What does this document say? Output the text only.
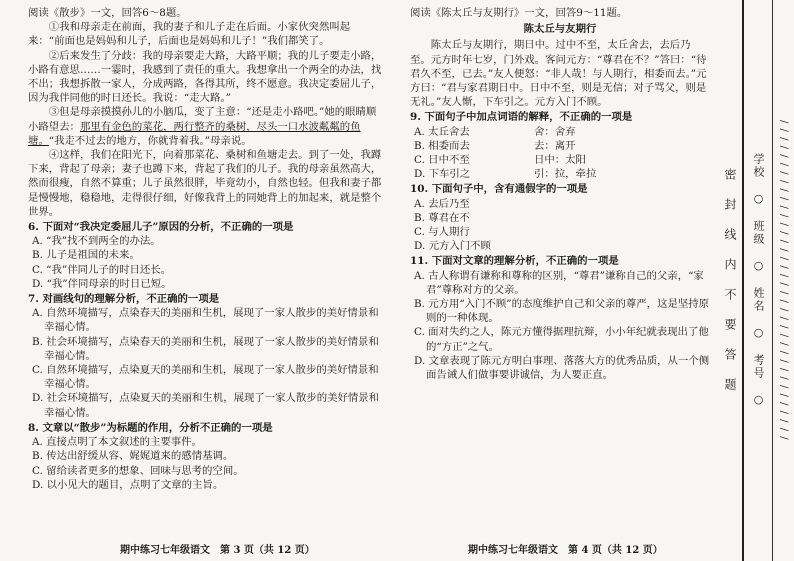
阅读《散步》一文，回答6～8题。

①我和母亲走在前面，我的妻子和儿子走在后面。小家伙突然叫起来：“前面也是妈妈和儿子，后面也是妈妈和儿子！”我们都笑了。

②后来发生了分歧：我的母亲要走大路，大路平顺；我的儿子要走小路，小路有意思……一霎时，我感到了责任的重大。我想拿出一个两全的办法，找不出；我想拆散一家人，分成两路，各得其所，终不愿意。我决定委屈儿子，因为我伴同他的时日还长。我说：“走大路。”

③但是母亲摸摸孙儿的小脑瓜，变了主意：“还是走小路吧。”她的眼睛顺小路望去：那里有金色的菜花，两行整齐的桑树，尽头一口水波粼粼的鱼塘。“我走不过去的地方，你就背着我。”母亲说。

④这样，我们在阳光下，向着那菜花、桑树和鱼塘走去。到了一处，我蹲下来，背起了母亲；妻子也蹲下来，背起了我们的儿子。我的母亲虽然高大，然而很瘦，自然不算重；儿子虽然很胖，毕竟幼小，自然也轻。但我和妻子都是慢慢地，稳稳地，走得很仔细，好像我背上的同她背上的加起来，就是整个世界。

6. 下面对“我决定委屈儿子”原因的分析，不正确的一项是

A. “我”找不到两全的办法。

B. 儿子是祖国的未来。

C. “我”伴同儿子的时日还长。

D. “我”伴同母亲的时日已短。

7. 对画线句的理解分析，不正确的一项是

A. 自然环境描写，点染春天的美丽和生机，展现了一家人散步的美好情景和幸福心情。

B. 社会环境描写，点染春天的美丽和生机，展现了一家人散步的美好情景和幸福心情。

C. 自然环境描写，点染夏天的美丽和生机，展现了一家人散步的美好情景和幸福心情。

D. 社会环境描写，点染夏天的美丽和生机，展现了一家人散步的美好情景和幸福心情。

8. 文章以“散步”为标题的作用，分析不正确的一项是

A. 直接点明了本文叙述的主要事件。

B. 传达出舒缓从容、娓娓道来的感情基调。

C. 留给读者更多的想象、回味与思考的空间。

D. 以小见大的题目，点明了文章的主旨。

阅读《陈太丘与友期行》一文，回答9～11题。

陈太丘与友期行

陈太丘与友期行，期日中。过中不至，太丘舍去，去后乃至。元方时年七岁，门外戏。客问元方：“尊君在不？”答曰：“待君久不至，已去。”友人便怒：“非人哉！与人期行，相委而去。”元方曰：“君与家君期日中。日中不至，则是无信；对子骂父，则是无礼。”友人惭，下车引之。元方入门不顾。

9. 下面句子中加点词语的解释，不正确的一项是

A. 太丘舍去	舍：舍弃
B. 相委而去	去：离开
C. 日中不至	日中：太阳
D. 下车引之	引：拉，牵拉

10. 下面句子中，含有通假字的一项是

A. 去后乃至

B. 尊君在不

C. 与人期行

D. 元方入门不顾

11. 下面对文章的理解分析，不正确的一项是

A. 古人称谓有谦称和尊称的区别，“尊君”谦称自己的父亲，“家君”尊称对方的父亲。

B. 元方用“入门不顾”的态度维护自己和父亲的尊严，这是坚持原则的一种体现。

C. 面对失约之人，陈元方懂得据理抗辩，小小年纪就表现出了他的“方正”之气。

D. 文章表现了陈元方明白事理、落落大方的优秀品质，从一个侧面告诫人们做事要讲诚信，为人要正直。

期中练习七年级语文　第 3 页（共 12 页）	期中练习七年级语文　第 4 页（共 12 页）
密　封　线　内　不　要　答　题	学校　○　班级　○　姓名　○　考号　○	/ / / / / / / / / / / / / / / / / / / / / / / / / / / / / / / / / / / / / /
